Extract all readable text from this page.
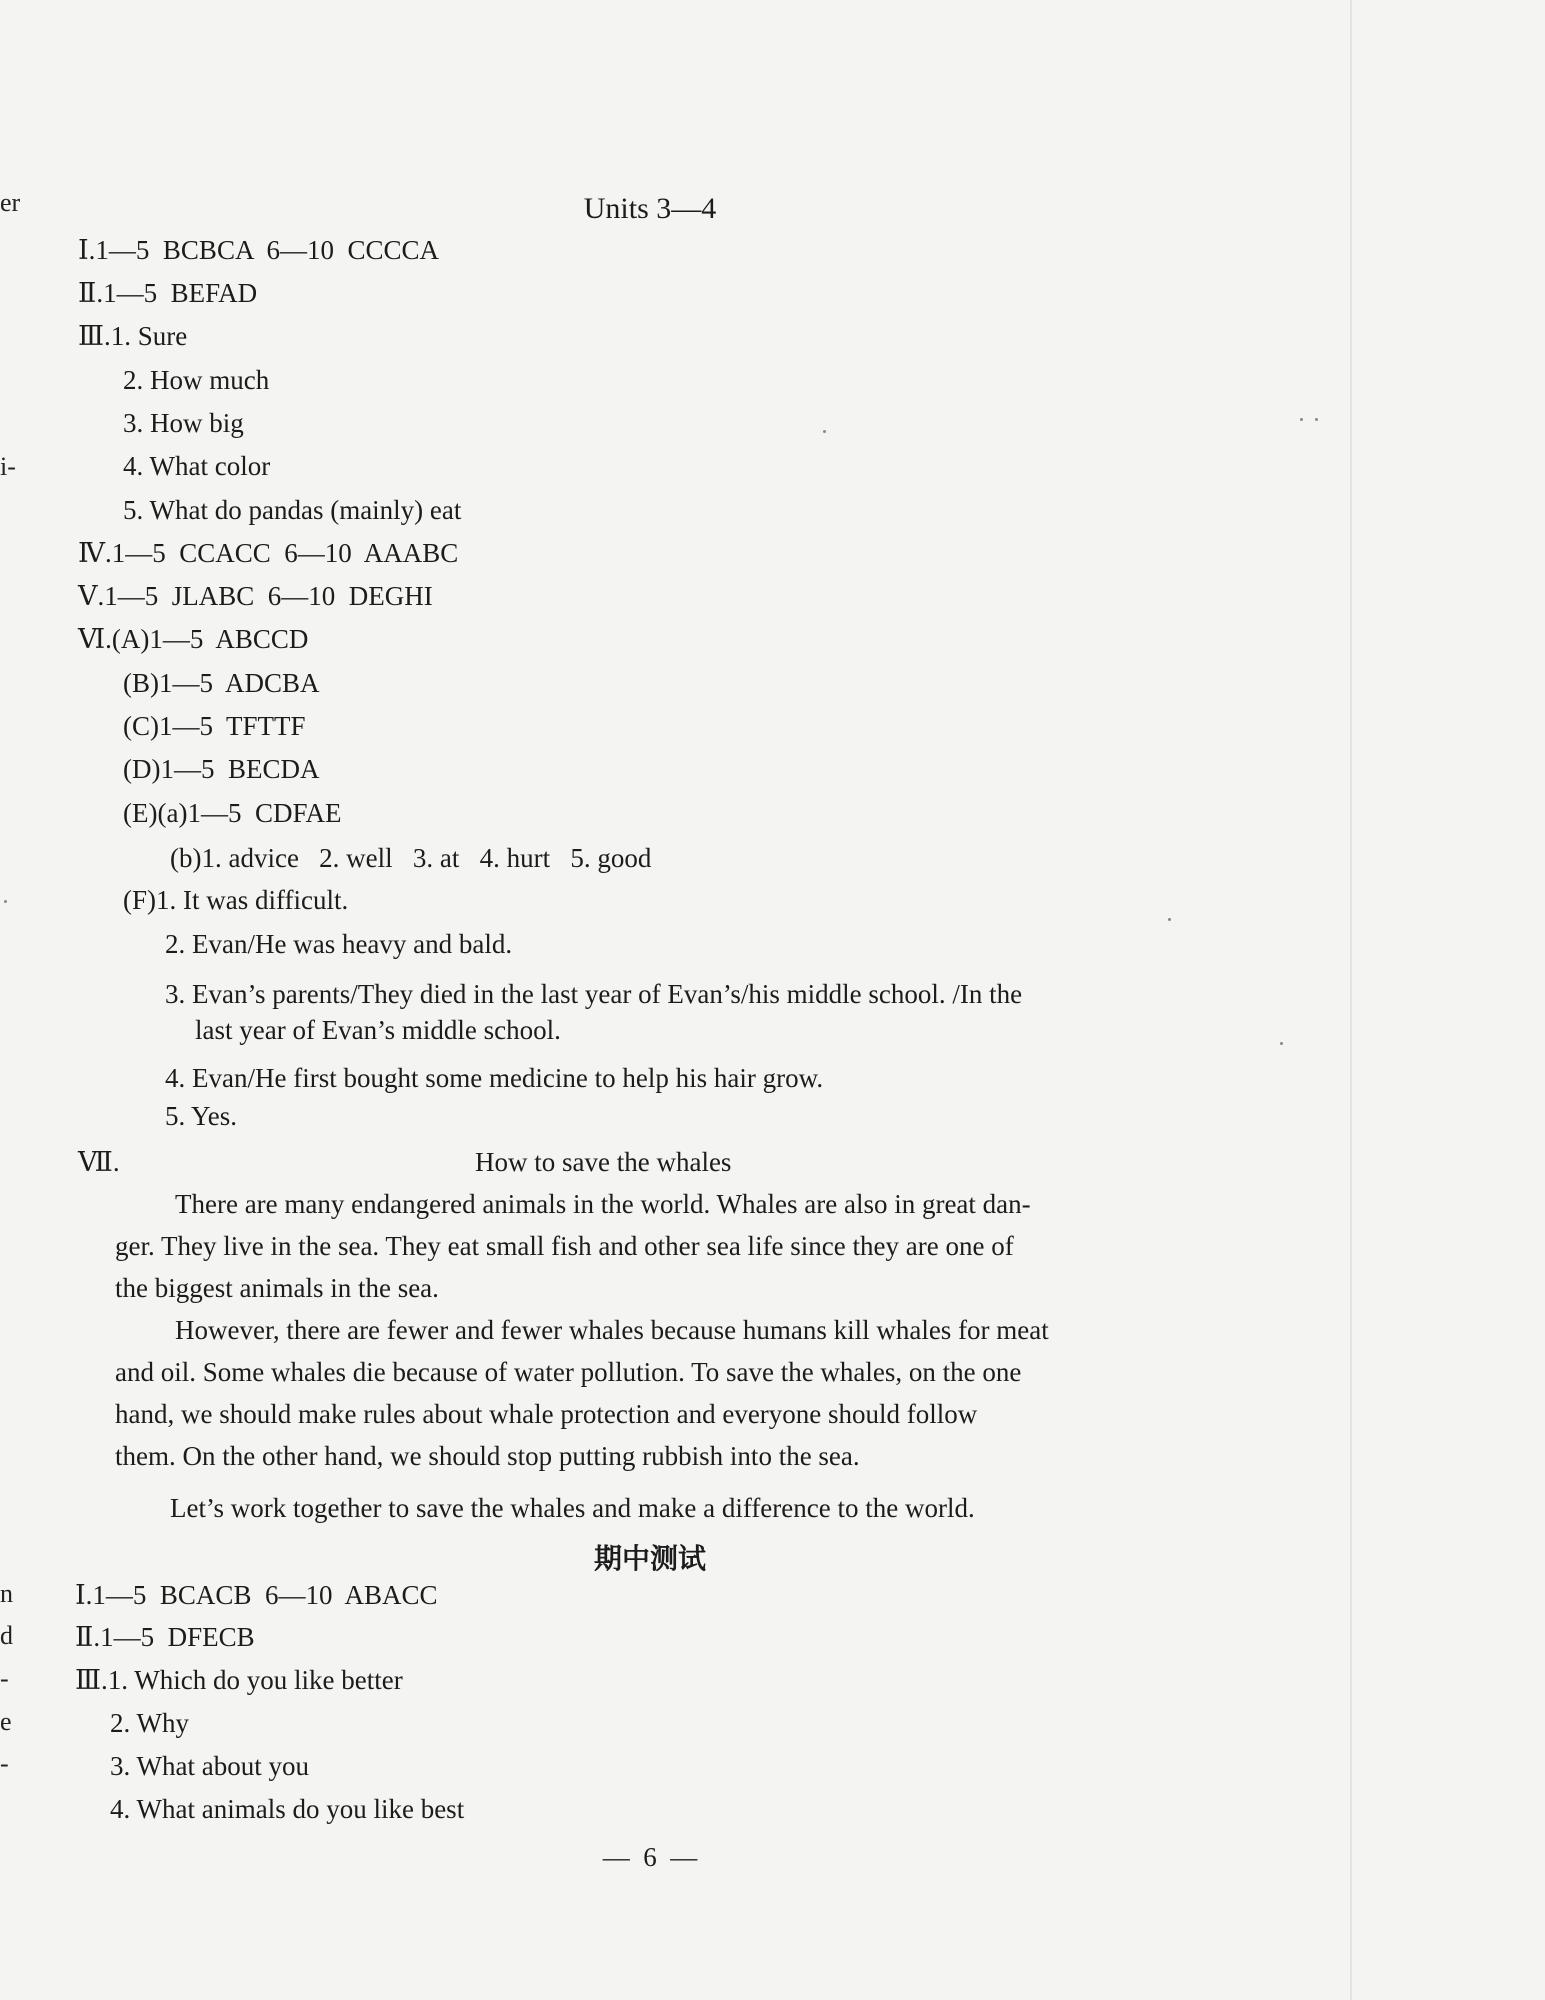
er
i-
n
d
-
e
-
Units 3—4
Ⅰ.1—5  BCBCA  6—10  CCCCA
Ⅱ.1—5  BEFAD
Ⅲ.1. Sure
2. How much
3. How big
4. What color
5. What do pandas (mainly) eat
Ⅳ.1—5  CCACC  6—10  AAABC
Ⅴ.1—5  JLABC  6—10  DEGHI
Ⅵ.(A)1—5  ABCCD
(B)1—5  ADCBA
(C)1—5  TFTTF
(D)1—5  BECDA
(E)(a)1—5  CDFAE
(b)1. advice   2. well   3. at   4. hurt   5. good
(F)1. It was difficult.
2. Evan/He was heavy and bald.
3. Evan’s parents/They died in the last year of Evan’s/his middle school. /In the
last year of Evan’s middle school.
4. Evan/He first bought some medicine to help his hair grow.
5. Yes.
Ⅶ.	How to save the whales
There are many endangered animals in the world. Whales are also in great dan-
ger. They live in the sea. They eat small fish and other sea life since they are one of
the biggest animals in the sea.
However, there are fewer and fewer whales because humans kill whales for meat
and oil. Some whales die because of water pollution. To save the whales, on the one
hand, we should make rules about whale protection and everyone should follow
them. On the other hand, we should stop putting rubbish into the sea.
Let’s work together to save the whales and make a difference to the world.
期中测试
Ⅰ.1—5  BCACB  6—10  ABACC
Ⅱ.1—5  DFECB
Ⅲ.1. Which do you like better
2. Why
3. What about you
4. What animals do you like best
—  6  —
